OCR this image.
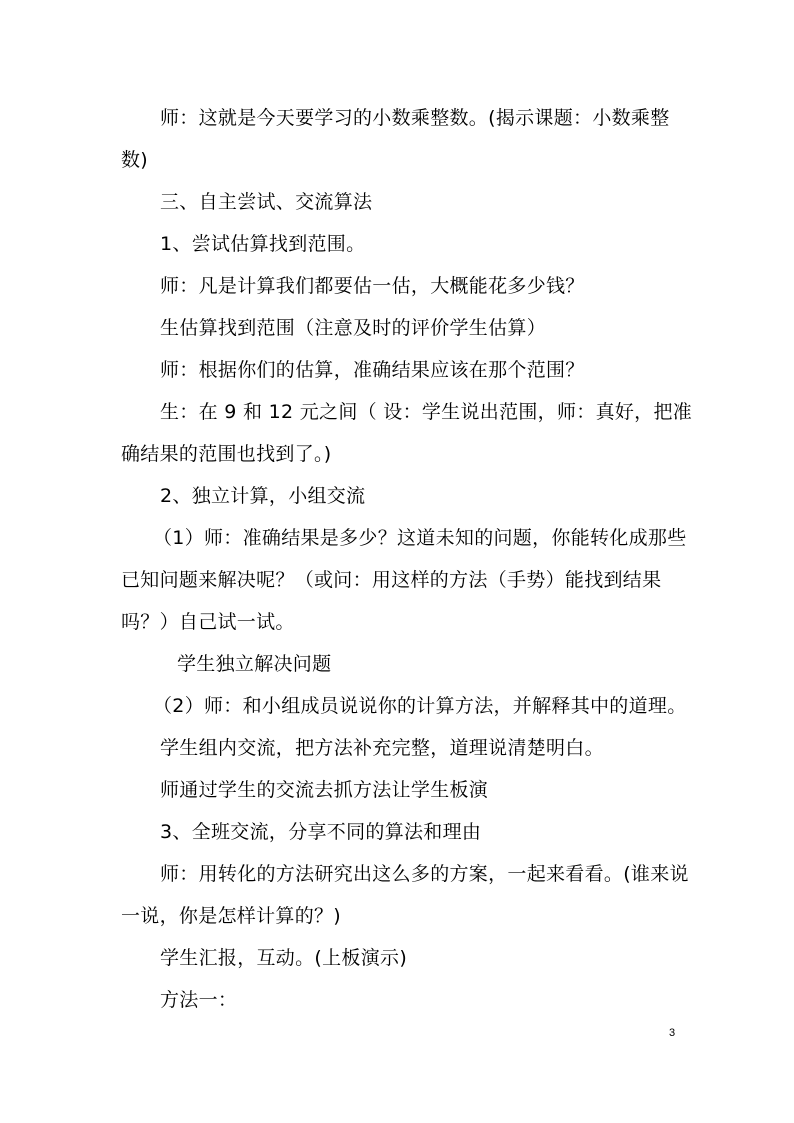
师：这就是今天要学习的小数乘整数。(揭示课题：小数乘整
数)
三、自主尝试、交流算法
1、尝试估算找到范围。
师：凡是计算我们都要估一估，大概能花多少钱？
生估算找到范围（注意及时的评价学生估算）
师：根据你们的估算，准确结果应该在那个范围？
生：在 9 和 12 元之间（ 设：学生说出范围，师：真好，把准
确结果的范围也找到了。)
2、独立计算，小组交流
（1）师：准确结果是多少？这道未知的问题，你能转化成那些
已知问题来解决呢？（或问：用这样的方法（手势）能找到结果
吗？）自己试一试。
学生独立解决问题
（2）师：和小组成员说说你的计算方法，并解释其中的道理。
学生组内交流，把方法补充完整，道理说清楚明白。
师通过学生的交流去抓方法让学生板演
3、全班交流，分享不同的算法和理由
师：用转化的方法研究出这么多的方案，一起来看看。(谁来说
一说，你是怎样计算的？)
学生汇报，互动。(上板演示)
方法一：
3
